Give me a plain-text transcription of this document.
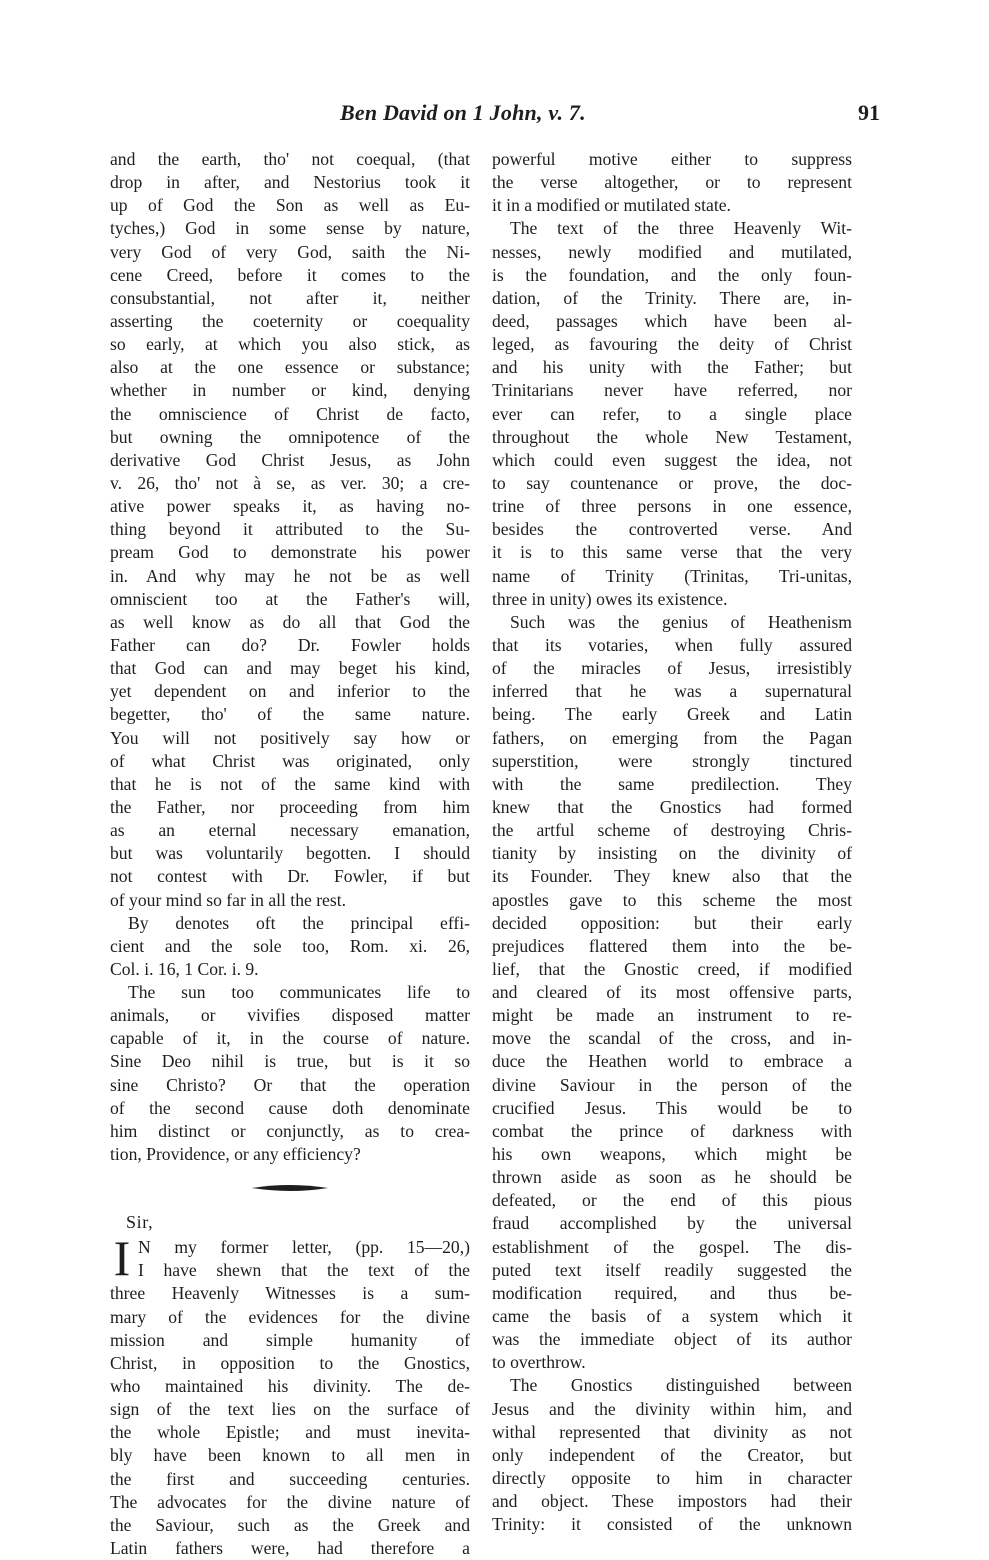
Ben David on 1 John, v. 7.	91
and the earth, tho' not coequal, (that
drop in after, and Nestorius took it
up of God the Son as well as Eu-
tyches,) God in some sense by nature,
very God of very God, saith the Ni-
cene Creed, before it comes to the
consubstantial, not after it, neither
asserting the coeternity or coequality
so early, at which you also stick, as
also at the one essence or substance;
whether in number or kind, denying
the omniscience of Christ de facto,
but owning the omnipotence of the
derivative God Christ Jesus, as John
v. 26, tho' not à se, as ver. 30; a cre-
ative power speaks it, as having no-
thing beyond it attributed to the Su-
pream God to demonstrate his power
in. And why may he not be as well
omniscient too at the Father's will,
as well know as do all that God the
Father can do? Dr. Fowler holds
that God can and may beget his kind,
yet dependent on and inferior to the
begetter, tho' of the same nature.
You will not positively say how or
of what Christ was originated, only
that he is not of the same kind with
the Father, nor proceeding from him
as an eternal necessary emanation,
but was voluntarily begotten. I should
not contest with Dr. Fowler, if but
of your mind so far in all the rest.
By denotes oft the principal effi-
cient and the sole too, Rom. xi. 26,
Col. i. 16, 1 Cor. i. 9.
The sun too communicates life to
animals, or vivifies disposed matter
capable of it, in the course of nature.
Sine Deo nihil is true, but is it so
sine Christo? Or that the operation
of the second cause doth denominate
him distinct or conjunctly, as to crea-
tion, Providence, or any efficiency?
Sir,
I N my former letter, (pp. 15—20,)
I have shewn that the text of the
three Heavenly Witnesses is a sum-
mary of the evidences for the divine
mission and simple humanity of
Christ, in opposition to the Gnostics,
who maintained his divinity. The de-
sign of the text lies on the surface of
the whole Epistle; and must inevita-
bly have been known to all men in
the first and succeeding centuries.
The advocates for the divine nature of
the Saviour, such as the Greek and
Latin fathers were, had therefore a
powerful motive either to suppress
the verse altogether, or to represent
it in a modified or mutilated state.
The text of the three Heavenly Wit-
nesses, newly modified and mutilated,
is the foundation, and the only foun-
dation, of the Trinity. There are, in-
deed, passages which have been al-
leged, as favouring the deity of Christ
and his unity with the Father; but
Trinitarians never have referred, nor
ever can refer, to a single place
throughout the whole New Testament,
which could even suggest the idea, not
to say countenance or prove, the doc-
trine of three persons in one essence,
besides the controverted verse. And
it is to this same verse that the very
name of Trinity (Trinitas, Tri-unitas,
three in unity) owes its existence.
Such was the genius of Heathenism
that its votaries, when fully assured
of the miracles of Jesus, irresistibly
inferred that he was a supernatural
being. The early Greek and Latin
fathers, on emerging from the Pagan
superstition, were strongly tinctured
with the same predilection. They
knew that the Gnostics had formed
the artful scheme of destroying Chris-
tianity by insisting on the divinity of
its Founder. They knew also that the
apostles gave to this scheme the most
decided opposition: but their early
prejudices flattered them into the be-
lief, that the Gnostic creed, if modified
and cleared of its most offensive parts,
might be made an instrument to re-
move the scandal of the cross, and in-
duce the Heathen world to embrace a
divine Saviour in the person of the
crucified Jesus. This would be to
combat the prince of darkness with
his own weapons, which might be
thrown aside as soon as he should be
defeated, or the end of this pious
fraud accomplished by the universal
establishment of the gospel. The dis-
puted text itself readily suggested the
modification required, and thus be-
came the basis of a system which it
was the immediate object of its author
to overthrow.
The Gnostics distinguished between
Jesus and the divinity within him, and
withal represented that divinity as not
only independent of the Creator, but
directly opposite to him in character
and object. These impostors had their
Trinity: it consisted of the unknown
